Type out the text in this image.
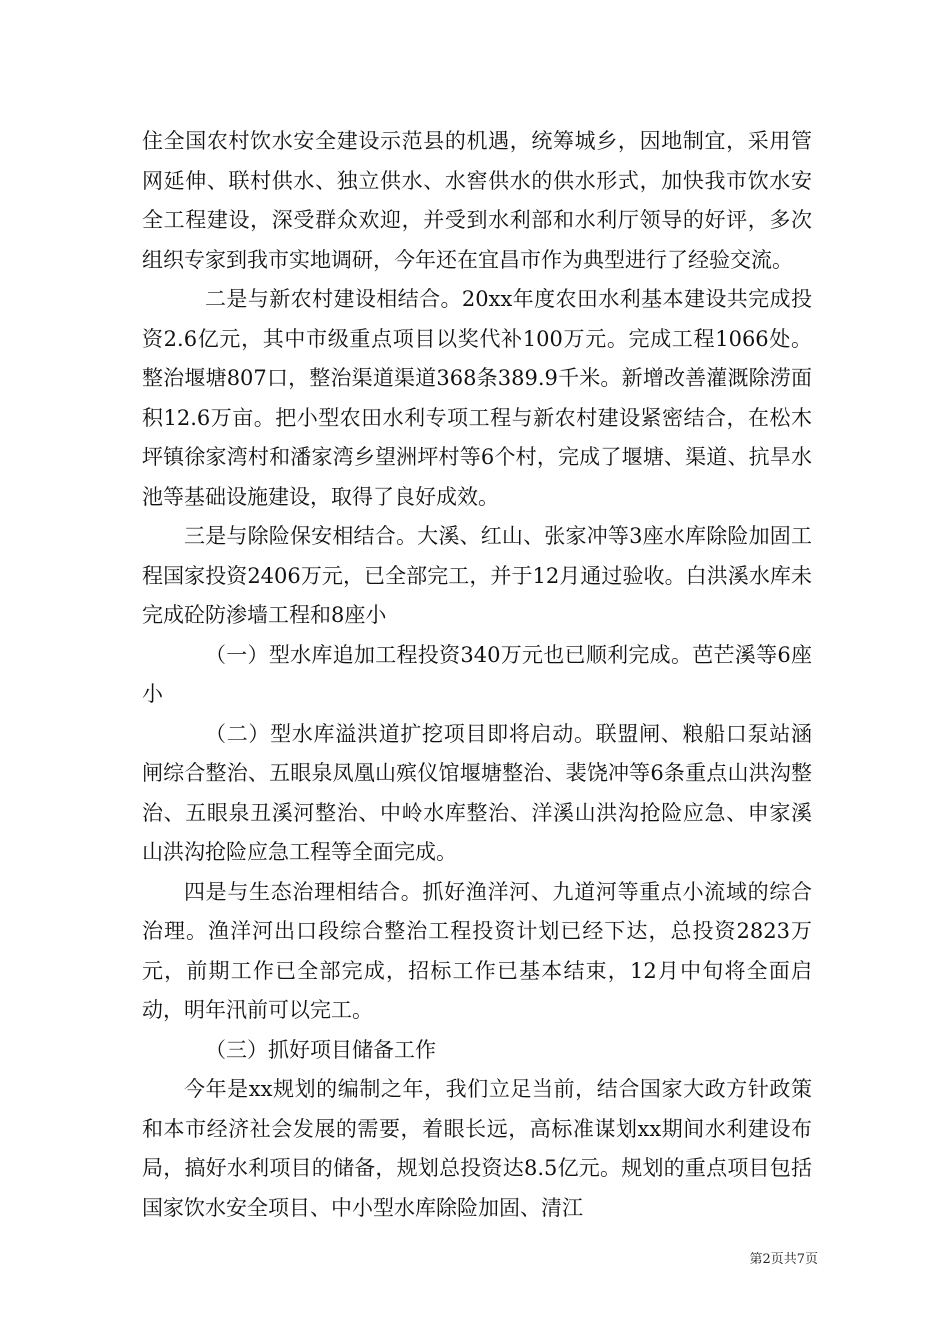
住全国农村饮水安全建设示范县的机遇，统筹城乡，因地制宜，采用管网延伸、联村供水、独立供水、水窖供水的供水形式，加快我市饮水安全工程建设，深受群众欢迎，并受到水利部和水利厅领导的好评，多次组织专家到我市实地调研，今年还在宜昌市作为典型进行了经验交流。

二是与新农村建设相结合。20xx年度农田水利基本建设共完成投资2.6亿元，其中市级重点项目以奖代补100万元。完成工程1066处。整治堰塘807口，整治渠道渠道368条389.9千米。新增改善灌溉除涝面积12.6万亩。把小型农田水利专项工程与新农村建设紧密结合，在松木坪镇徐家湾村和潘家湾乡望洲坪村等6个村，完成了堰塘、渠道、抗旱水池等基础设施建设，取得了良好成效。

三是与除险保安相结合。大溪、红山、张家冲等3座水库除险加固工程国家投资2406万元，已全部完工，并于12月通过验收。白洪溪水库未完成砼防渗墙工程和8座小

（一）型水库追加工程投资340万元也已顺利完成。芭芒溪等6座小

（二）型水库溢洪道扩挖项目即将启动。联盟闸、粮船口泵站涵闸综合整治、五眼泉凤凰山殡仪馆堰塘整治、裴饶冲等6条重点山洪沟整治、五眼泉丑溪河整治、中岭水库整治、洋溪山洪沟抢险应急、申家溪山洪沟抢险应急工程等全面完成。

四是与生态治理相结合。抓好渔洋河、九道河等重点小流域的综合治理。渔洋河出口段综合整治工程投资计划已经下达，总投资2823万元，前期工作已全部完成，招标工作已基本结束，12月中旬将全面启动，明年汛前可以完工。

（三）抓好项目储备工作

今年是xx规划的编制之年，我们立足当前，结合国家大政方针政策和本市经济社会发展的需要，着眼长远，高标准谋划xx期间水利建设布局，搞好水利项目的储备，规划总投资达8.5亿元。规划的重点项目包括国家饮水安全项目、中小型水库除险加固、清江

第2页共7页
